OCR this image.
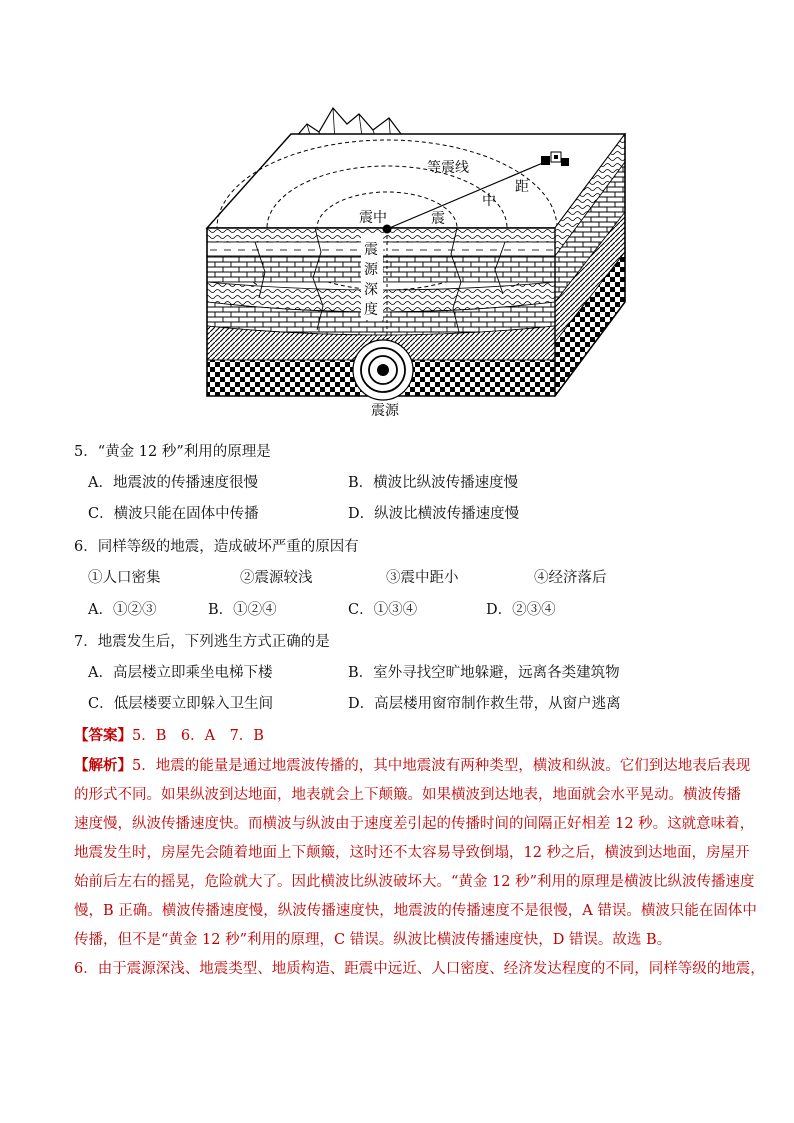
等震线
距
中
震
震中
震
源
深
度
震源
5．“黄金 12 秒”利用的原理是
A．地震波的传播速度很慢	B．横波比纵波传播速度慢
C．横波只能在固体中传播	D．纵波比横波传播速度慢
6．同样等级的地震，造成破坏严重的原因有
①人口密集	②震源较浅	③震中距小	④经济落后
A．①②③	B．①②④	C．①③④	D．②③④
7．地震发生后，下列逃生方式正确的是
A．高层楼立即乘坐电梯下楼	B．室外寻找空旷地躲避，远离各类建筑物
C．低层楼要立即躲入卫生间	D．高层楼用窗帘制作救生带，从窗户逃离
【答案】5．B　6．A　7．B
【解析】5．地震的能量是通过地震波传播的，其中地震波有两种类型，横波和纵波。它们到达地表后表现
的形式不同。如果纵波到达地面，地表就会上下颠簸。如果横波到达地表，地面就会水平晃动。横波传播
速度慢，纵波传播速度快。而横波与纵波由于速度差引起的传播时间的间隔正好相差 12 秒。这就意味着，
地震发生时，房屋先会随着地面上下颠簸，这时还不太容易导致倒塌，12 秒之后，横波到达地面，房屋开
始前后左右的摇晃，危险就大了。因此横波比纵波破坏大。“黄金 12 秒”利用的原理是横波比纵波传播速度
慢，B 正确。横波传播速度慢，纵波传播速度快，地震波的传播速度不是很慢，A 错误。横波只能在固体中
传播，但不是“黄金 12 秒”利用的原理，C 错误。纵波比横波传播速度快，D 错误。故选 B。
6．由于震源深浅、地震类型、地质构造、距震中远近、人口密度、经济发达程度的不同，同样等级的地震，
